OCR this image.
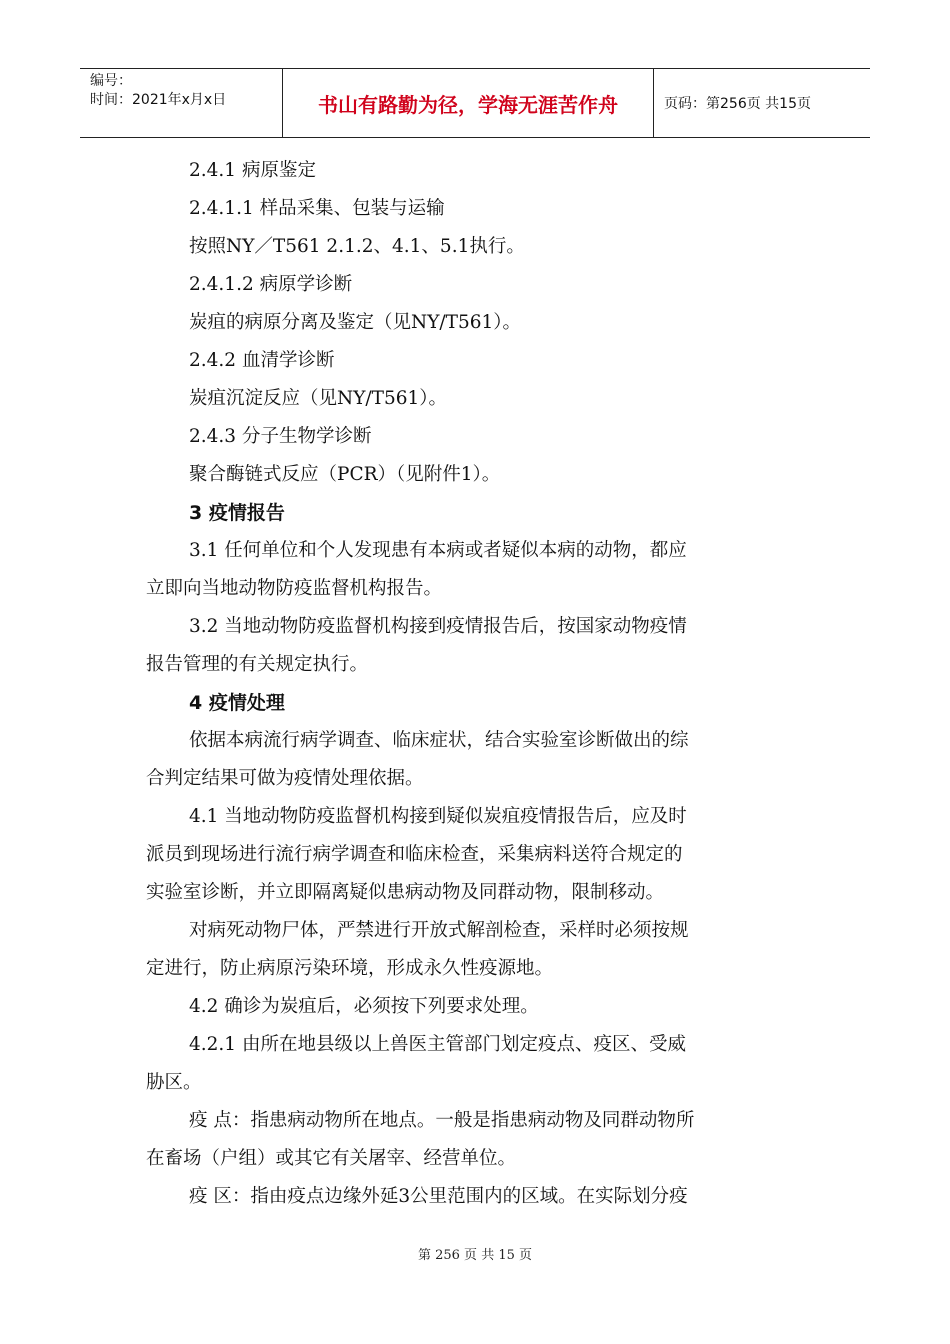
编号：
时间：2021年x月x日	书山有路勤为径，学海无涯苦作舟	页码：第256页 共15页

2.4.1 病原鉴定

2.4.1.1 样品采集、包装与运输

按照NY／T561 2.1.2、4.1、5.1执行。

2.4.1.2 病原学诊断

炭疽的病原分离及鉴定（见NY/T561）。

2.4.2 血清学诊断

炭疽沉淀反应（见NY/T561）。

2.4.3 分子生物学诊断

聚合酶链式反应（PCR）（见附件1）。

3 疫情报告

3.1 任何单位和个人发现患有本病或者疑似本病的动物，都应

立即向当地动物防疫监督机构报告。

3.2 当地动物防疫监督机构接到疫情报告后，按国家动物疫情

报告管理的有关规定执行。

4 疫情处理

依据本病流行病学调查、临床症状，结合实验室诊断做出的综

合判定结果可做为疫情处理依据。

4.1 当地动物防疫监督机构接到疑似炭疽疫情报告后，应及时

派员到现场进行流行病学调查和临床检查，采集病料送符合规定的

实验室诊断，并立即隔离疑似患病动物及同群动物，限制移动。

对病死动物尸体，严禁进行开放式解剖检查，采样时必须按规

定进行，防止病原污染环境，形成永久性疫源地。

4.2 确诊为炭疽后，必须按下列要求处理。

4.2.1 由所在地县级以上兽医主管部门划定疫点、疫区、受威

胁区。

疫 点：指患病动物所在地点。一般是指患病动物及同群动物所

在畜场（户组）或其它有关屠宰、经营单位。

疫 区：指由疫点边缘外延3公里范围内的区域。在实际划分疫

第 256 页 共 15 页
